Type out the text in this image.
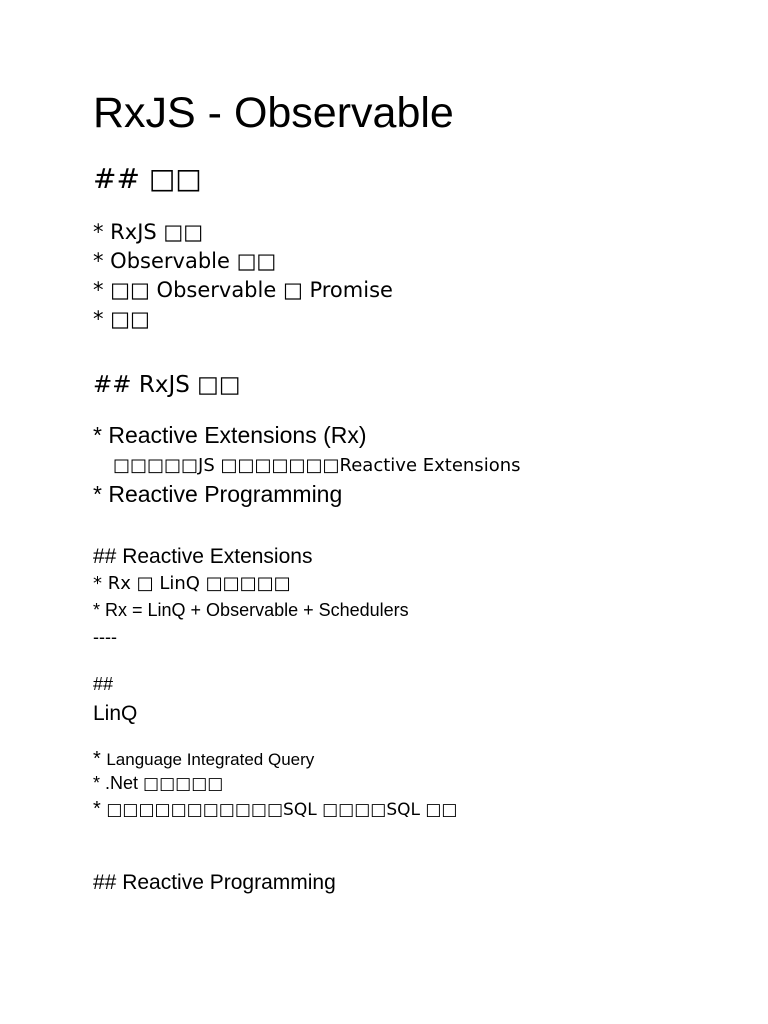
RxJS - Observable
## □□
* RxJS □□
* Observable □□
* □□ Observable □ Promise
* □□
## RxJS □□
* Reactive Extensions (Rx)
□□□□□JS □□□□□□□Reactive Extensions
* Reactive Programming
## Reactive Extensions
* Rx □ LinQ □□□□□
* Rx = LinQ + Observable + Schedulers
----
##
LinQ
* Language Integrated Query
* .Net □□□□□
* □□□□□□□□□□□SQL □□□□SQL □□
## Reactive Programming
